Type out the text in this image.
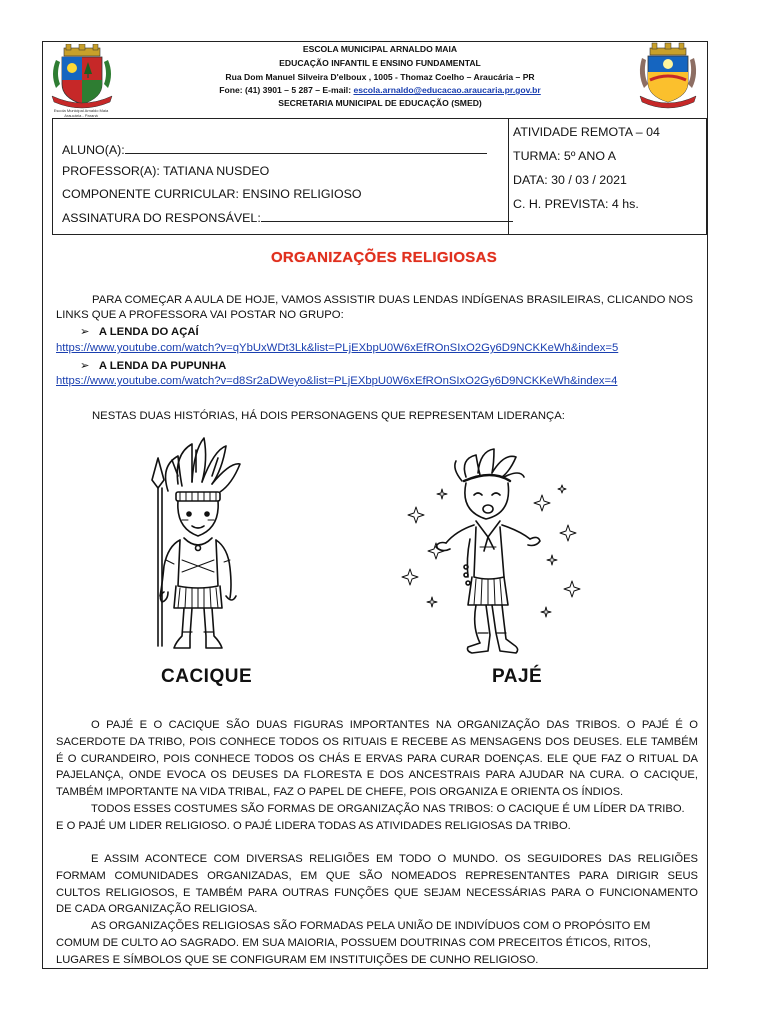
Escola Municipal Arnaldo Maia Araucária - Paraná
ESCOLA MUNICIPAL ARNALDO MAIA
EDUCAÇÃO INFANTIL E ENSINO FUNDAMENTAL
Rua Dom Manuel Silveira D'elboux , 1005 - Thomaz Coelho – Araucária – PR
Fone: (41) 3901 – 5 287 – E-mail: escola.arnaldo@educacao.araucaria.pr.gov.br
SECRETARIA MUNICIPAL DE EDUCAÇÃO (SMED)
ALUNO(A):
PROFESSOR(A): TATIANA NUSDEO
COMPONENTE CURRICULAR: ENSINO RELIGIOSO
ASSINATURA DO RESPONSÁVEL:
ATIVIDADE REMOTA – 04
TURMA: 5º ANO A
DATA: 30 / 03 / 2021
C. H. PREVISTA: 4 hs.
ORGANIZAÇÕES RELIGIOSAS
PARA COMEÇAR A AULA DE HOJE, VAMOS ASSISTIR DUAS LENDAS INDÍGENAS BRASILEIRAS, CLICANDO NOS
LINKS QUE A PROFESSORA VAI POSTAR NO GRUPO:
➢ A LENDA DO AÇAÍ
https://www.youtube.com/watch?v=qYbUxWDt3Lk&list=PLjEXbpU0W6xEfROnSIxO2Gy6D9NCKKeWh&index=5
➢ A LENDA DA PUPUNHA
https://www.youtube.com/watch?v=d8Sr2aDWeyo&list=PLjEXbpU0W6xEfROnSIxO2Gy6D9NCKKeWh&index=4
NESTAS DUAS HISTÓRIAS, HÁ DOIS PERSONAGENS QUE REPRESENTAM LIDERANÇA:
CACIQUE	PAJÉ
O PAJÉ E O CACIQUE SÃO DUAS FIGURAS IMPORTANTES NA ORGANIZAÇÃO DAS TRIBOS. O PAJÉ É O
SACERDOTE DA TRIBO, POIS CONHECE TODOS OS RITUAIS E RECEBE AS MENSAGENS DOS DEUSES. ELE TAMBÉM
É O CURANDEIRO, POIS CONHECE TODOS OS CHÁS E ERVAS PARA CURAR DOENÇAS. ELE QUE FAZ O RITUAL DA
PAJELANÇA, ONDE EVOCA OS DEUSES DA FLORESTA E DOS ANCESTRAIS PARA AJUDAR NA CURA. O CACIQUE,
TAMBÉM IMPORTANTE NA VIDA TRIBAL, FAZ O PAPEL DE CHEFE, POIS ORGANIZA E ORIENTA OS ÍNDIOS.
TODOS ESSES COSTUMES SÃO FORMAS DE ORGANIZAÇÃO NAS TRIBOS: O CACIQUE É UM LÍDER DA TRIBO.
E O PAJÉ UM LIDER RELIGIOSO. O PAJÉ LIDERA TODAS AS ATIVIDADES RELIGIOSAS DA TRIBO.
E ASSIM ACONTECE COM DIVERSAS RELIGIÕES EM TODO O MUNDO. OS SEGUIDORES DAS RELIGIÕES
FORMAM COMUNIDADES ORGANIZADAS, EM QUE SÃO NOMEADOS REPRESENTANTES PARA DIRIGIR SEUS
CULTOS RELIGIOSOS, E TAMBÉM PARA OUTRAS FUNÇÕES QUE SEJAM NECESSÁRIAS PARA O FUNCIONAMENTO
DE CADA ORGANIZAÇÃO RELIGIOSA.
AS ORGANIZAÇÕES RELIGIOSAS SÃO FORMADAS PELA UNIÃO DE INDIVÍDUOS COM O PROPÓSITO EM
COMUM DE CULTO AO SAGRADO. EM SUA MAIORIA, POSSUEM DOUTRINAS COM PRECEITOS ÉTICOS, RITOS,
LUGARES E SÍMBOLOS QUE SE CONFIGURAM EM INSTITUIÇÕES DE CUNHO RELIGIOSO.
